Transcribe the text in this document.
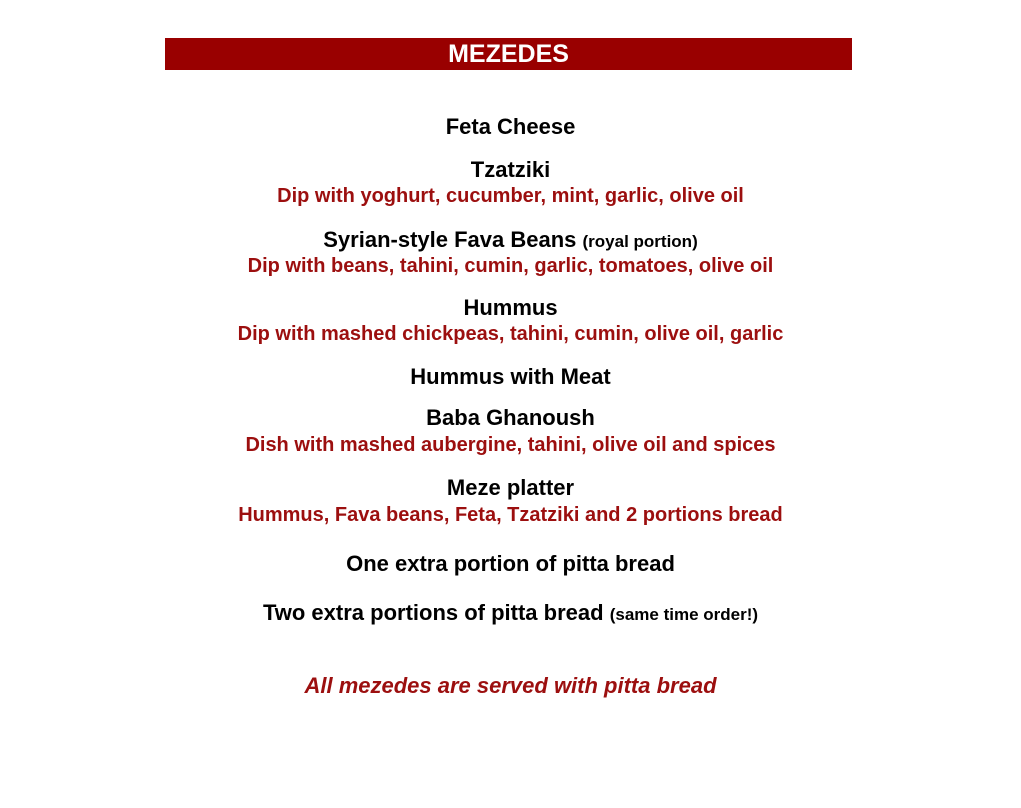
MEZEDES
Feta Cheese
Tzatziki
Dip with yoghurt, cucumber, mint, garlic, olive oil
Syrian-style Fava Beans (royal portion)
Dip with beans, tahini, cumin, garlic, tomatoes, olive oil
Hummus
Dip with mashed chickpeas, tahini, cumin, olive oil, garlic
Hummus with Meat
Baba Ghanoush
Dish with mashed aubergine, tahini, olive oil and spices
Meze platter
Hummus, Fava beans, Feta, Tzatziki and 2 portions bread
One extra portion of pitta bread
Two extra portions of pitta bread (same time order!)
All mezedes are served with pitta bread
